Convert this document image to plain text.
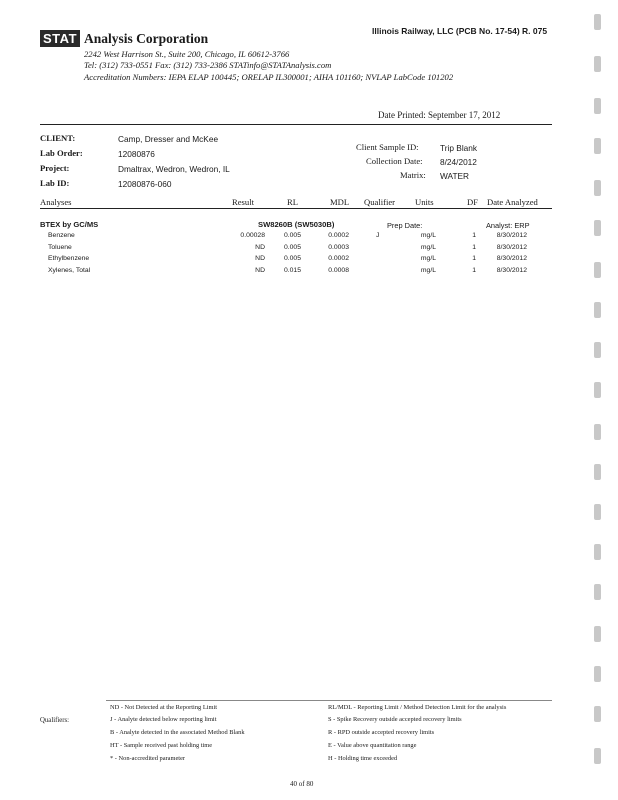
Illinois Railway, LLC (PCB No. 17-54) R. 075
STAT Analysis Corporation
2242 West Harrison St., Suite 200, Chicago, IL 60612-3766
Tel: (312) 733-0551 Fax: (312) 733-2386 STATinfo@STATAnalysis.com
Accreditation Numbers: IEPA ELAP 100445; ORELAP IL300001; AIHA 101160; NVLAP LabCode 101202
Date Printed: September 17, 2012
CLIENT:	Camp, Dresser and McKee
Lab Order:	12080876
Project:	Dmaltrax, Wedron, Wedron, IL
Lab ID:	12080876-060
Client Sample ID:	Trip Blank
Collection Date: 8/24/2012
Matrix: WATER
Analyses	Result	RL	MDL Qualifier Units	DF Date Analyzed
BTEX by GC/MS	SW8260B (SW5030B)	Prep Date:	Analyst: ERP
Benzene	0.00028	0.005	0.0002	J	mg/L	1	8/30/2012
Toluene	ND	0.005	0.0003	mg/L	1	8/30/2012
Ethylbenzene	ND	0.005	0.0002	mg/L	1	8/30/2012
Xylenes, Total	ND	0.015	0.0008	mg/L	1	8/30/2012
Qualifiers:
ND - Not Detected at the Reporting Limit
J - Analyte detected below reporting limit
B - Analyte detected in the associated Method Blank
HT - Sample received past holding time
* - Non-accredited parameter
RL/MDL - Reporting Limit / Method Detection Limit for the analysis
S - Spike Recovery outside accepted recovery limits
R - RPD outside accepted recovery limits
E - Value above quantitation range
H - Holding time exceeded
40 of 80
